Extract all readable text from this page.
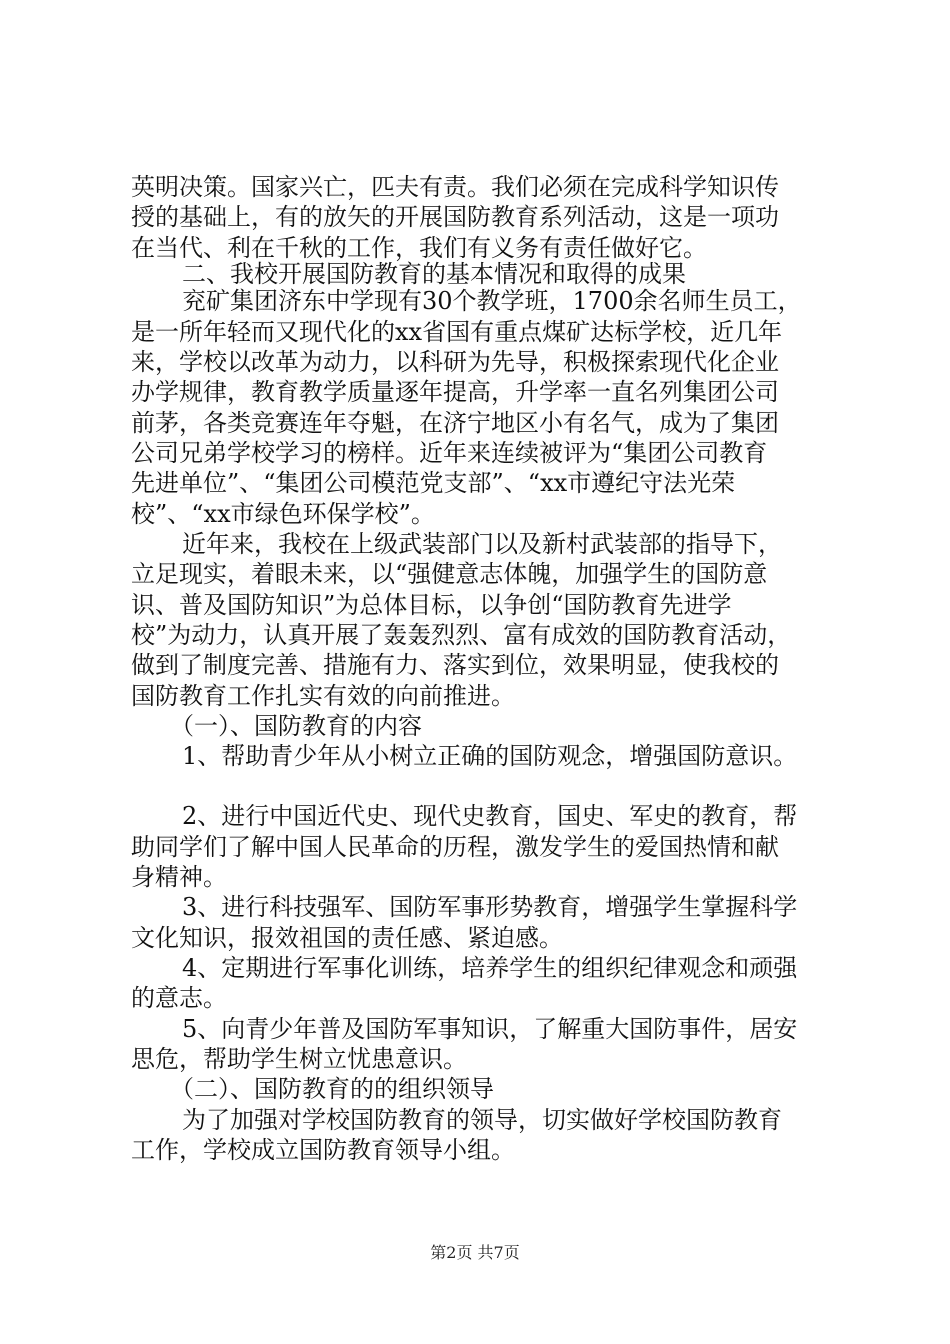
第2页 共7页
英明决策。国家兴亡，匹夫有责。我们必须在完成科学知识传
授的基础上，有的放矢的开展国防教育系列活动，这是一项功
在当代、利在千秋的工作，我们有义务有责任做好它。
二、我校开展国防教育的基本情况和取得的成果
兖矿集团济东中学现有30个教学班，1700余名师生员工，
是一所年轻而又现代化的xx省国有重点煤矿达标学校，近几年
来，学校以改革为动力，以科研为先导，积极探索现代化企业
办学规律，教育教学质量逐年提高，升学率一直名列集团公司
前茅，各类竞赛连年夺魁，在济宁地区小有名气，成为了集团
公司兄弟学校学习的榜样。近年来连续被评为“集团公司教育
先进单位”、“集团公司模范党支部”、“xx市遵纪守法光荣
校”、“xx市绿色环保学校”。
近年来，我校在上级武装部门以及新村武装部的指导下，
立足现实，着眼未来，以“强健意志体魄，加强学生的国防意
识、普及国防知识”为总体目标，以争创“国防教育先进学
校”为动力，认真开展了轰轰烈烈、富有成效的国防教育活动，
做到了制度完善、措施有力、落实到位，效果明显，使我校的
国防教育工作扎实有效的向前推进。
（一）、国防教育的内容
1、帮助青少年从小树立正确的国防观念，增强国防意识。
2、进行中国近代史、现代史教育，国史、军史的教育，帮
助同学们了解中国人民革命的历程，激发学生的爱国热情和献
身精神。
3、进行科技强军、国防军事形势教育，增强学生掌握科学
文化知识，报效祖国的责任感、紧迫感。
4、定期进行军事化训练，培养学生的组织纪律观念和顽强
的意志。
5、向青少年普及国防军事知识，了解重大国防事件，居安
思危，帮助学生树立忧患意识。
（二）、国防教育的的组织领导
为了加强对学校国防教育的领导，切实做好学校国防教育
工作，学校成立国防教育领导小组。
